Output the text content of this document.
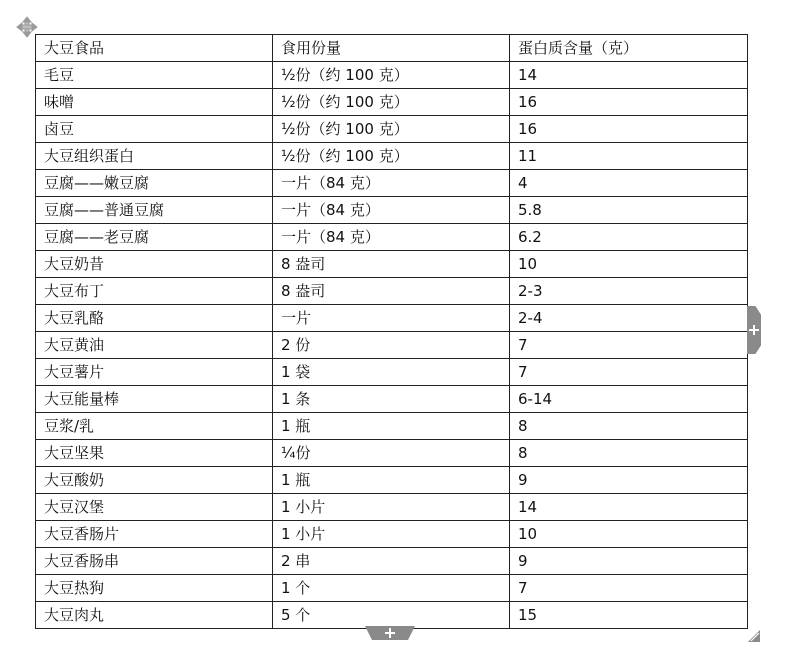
大豆食品	食用份量	蛋白质含量（克）
毛豆	½份（约 100 克）	14
味噌	½份（约 100 克）	16
卤豆	½份（约 100 克）	16
大豆组织蛋白	½份（约 100 克）	11
豆腐——嫩豆腐	一片（84 克）	4
豆腐——普通豆腐	一片（84 克）	5.8
豆腐——老豆腐	一片（84 克）	6.2
大豆奶昔	8 盎司	10
大豆布丁	8 盎司	2-3
大豆乳酪	一片	2-4
大豆黄油	2 份	7
大豆薯片	1 袋	7
大豆能量棒	1 条	6-14
豆浆/乳	1 瓶	8
大豆坚果	¼份	8
大豆酸奶	1 瓶	9
大豆汉堡	1 小片	14
大豆香肠片	1 小片	10
大豆香肠串	2 串	9
大豆热狗	1 个	7
大豆肉丸	5 个	15
